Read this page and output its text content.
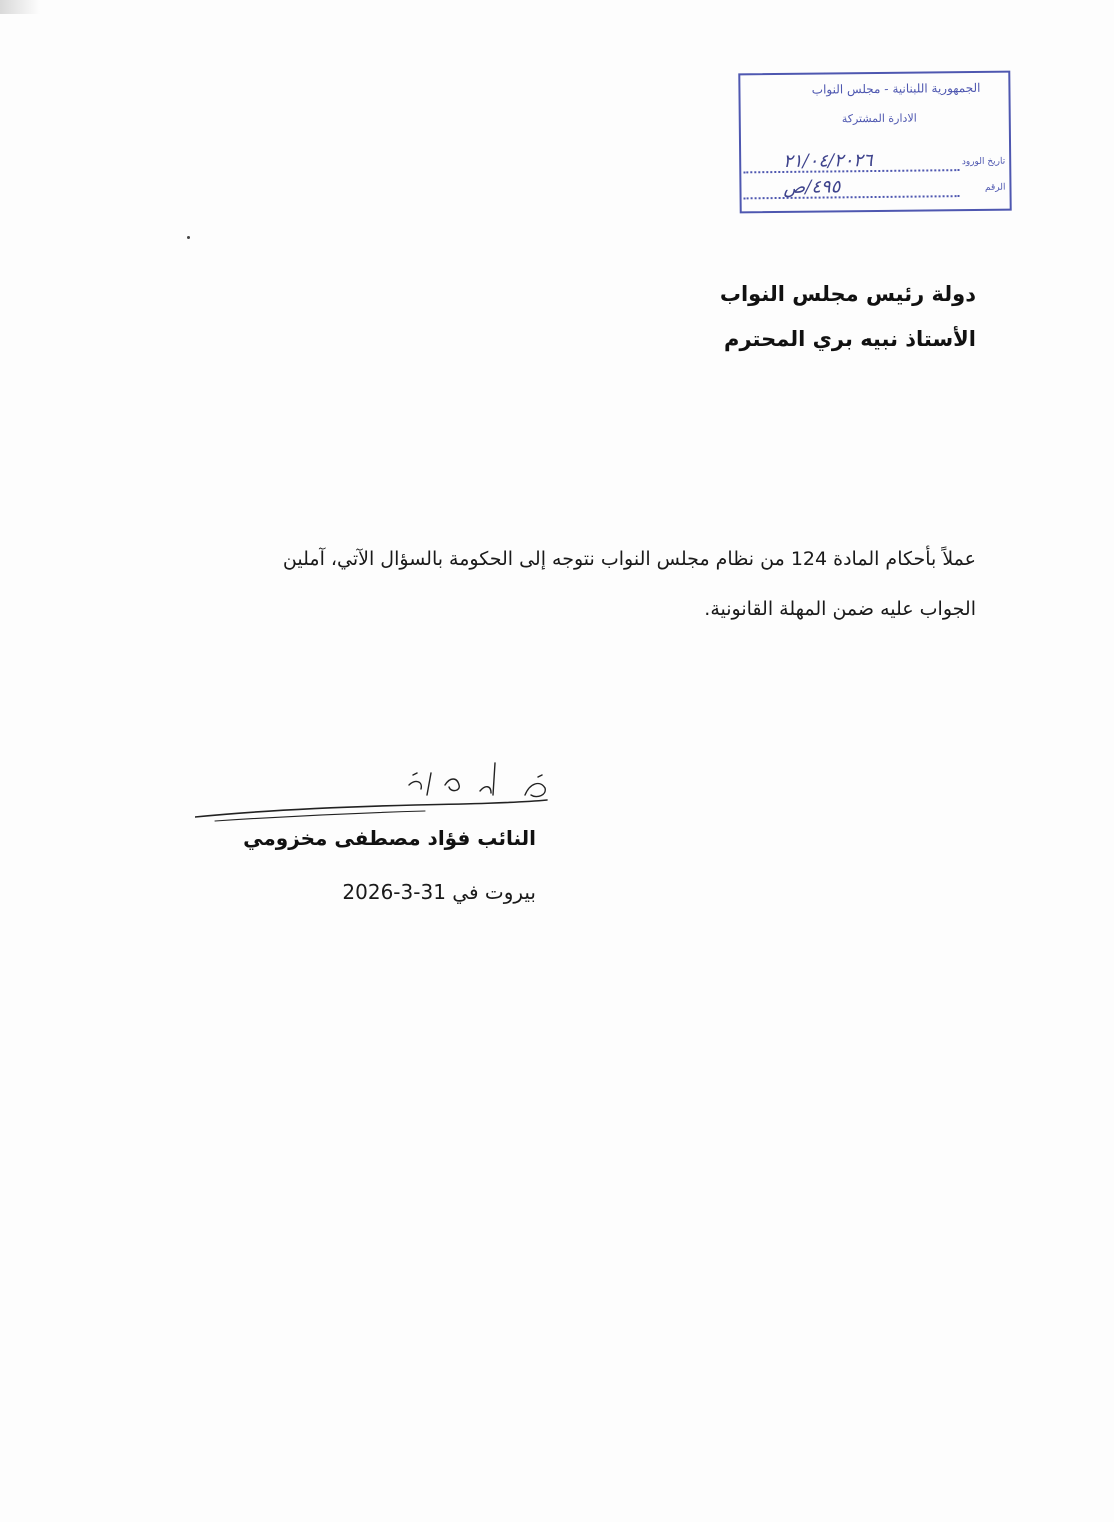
الجمهورية اللبنانية - مجلس النواب
الادارة المشتركة
تاريخ الورود
٢١/٠٤/٢٠٢٦
الرقم
٤٩٥/ص
دولة رئيس مجلس النواب
الأستاذ نبيه بري المحترم

عملاً بأحكام المادة 124 من نظام مجلس النواب نتوجه إلى الحكومة بالسؤال الآتي، آملين

الجواب عليه ضمن المهلة القانونية.

النائب فؤاد مصطفى مخزومي
بيروت في 31-3-2026
